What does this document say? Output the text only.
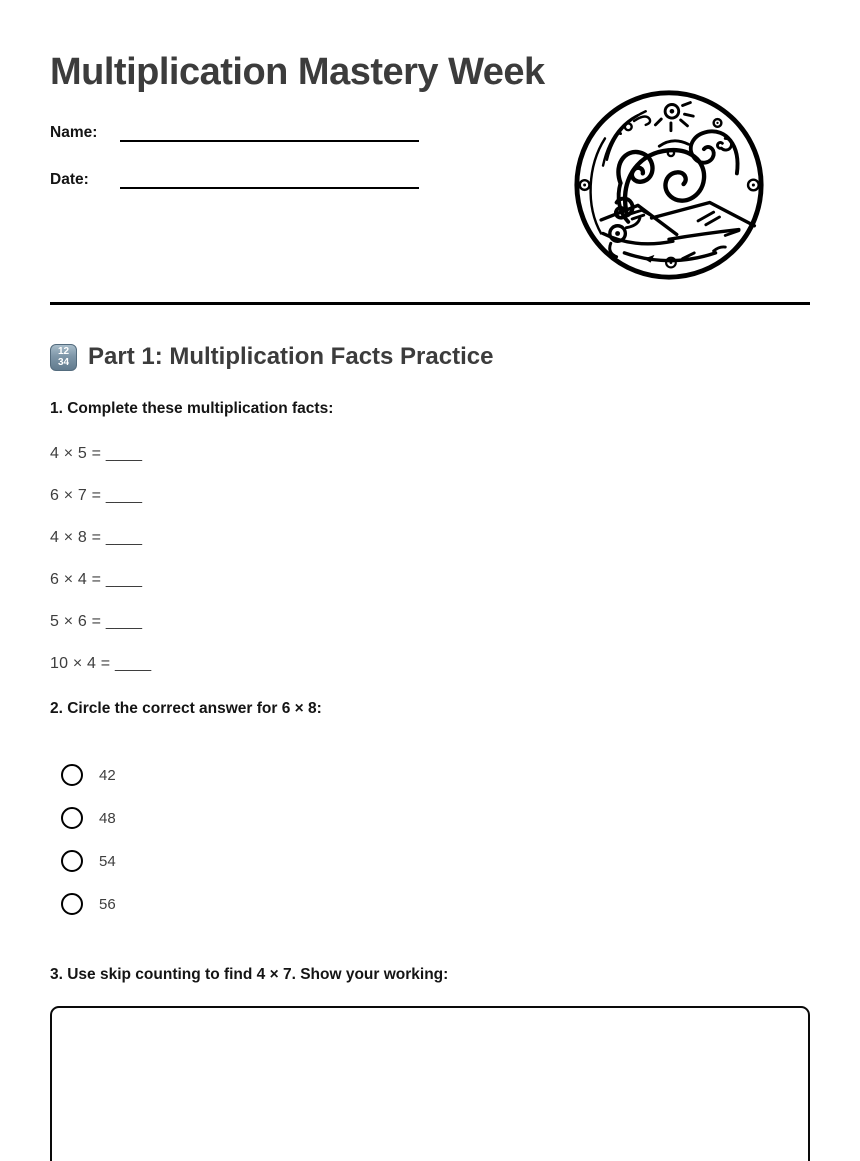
Multiplication Mastery Week
Name:
Date:
12
34 Part 1: Multiplication Facts Practice

1. Complete these multiplication facts:

4 × 5 = ____

6 × 7 = ____

4 × 8 = ____

6 × 4 = ____

5 × 6 = ____

10 × 4 = ____

2. Circle the correct answer for 6 × 8:

42
48
54
56

3. Use skip counting to find 4 × 7. Show your working:
